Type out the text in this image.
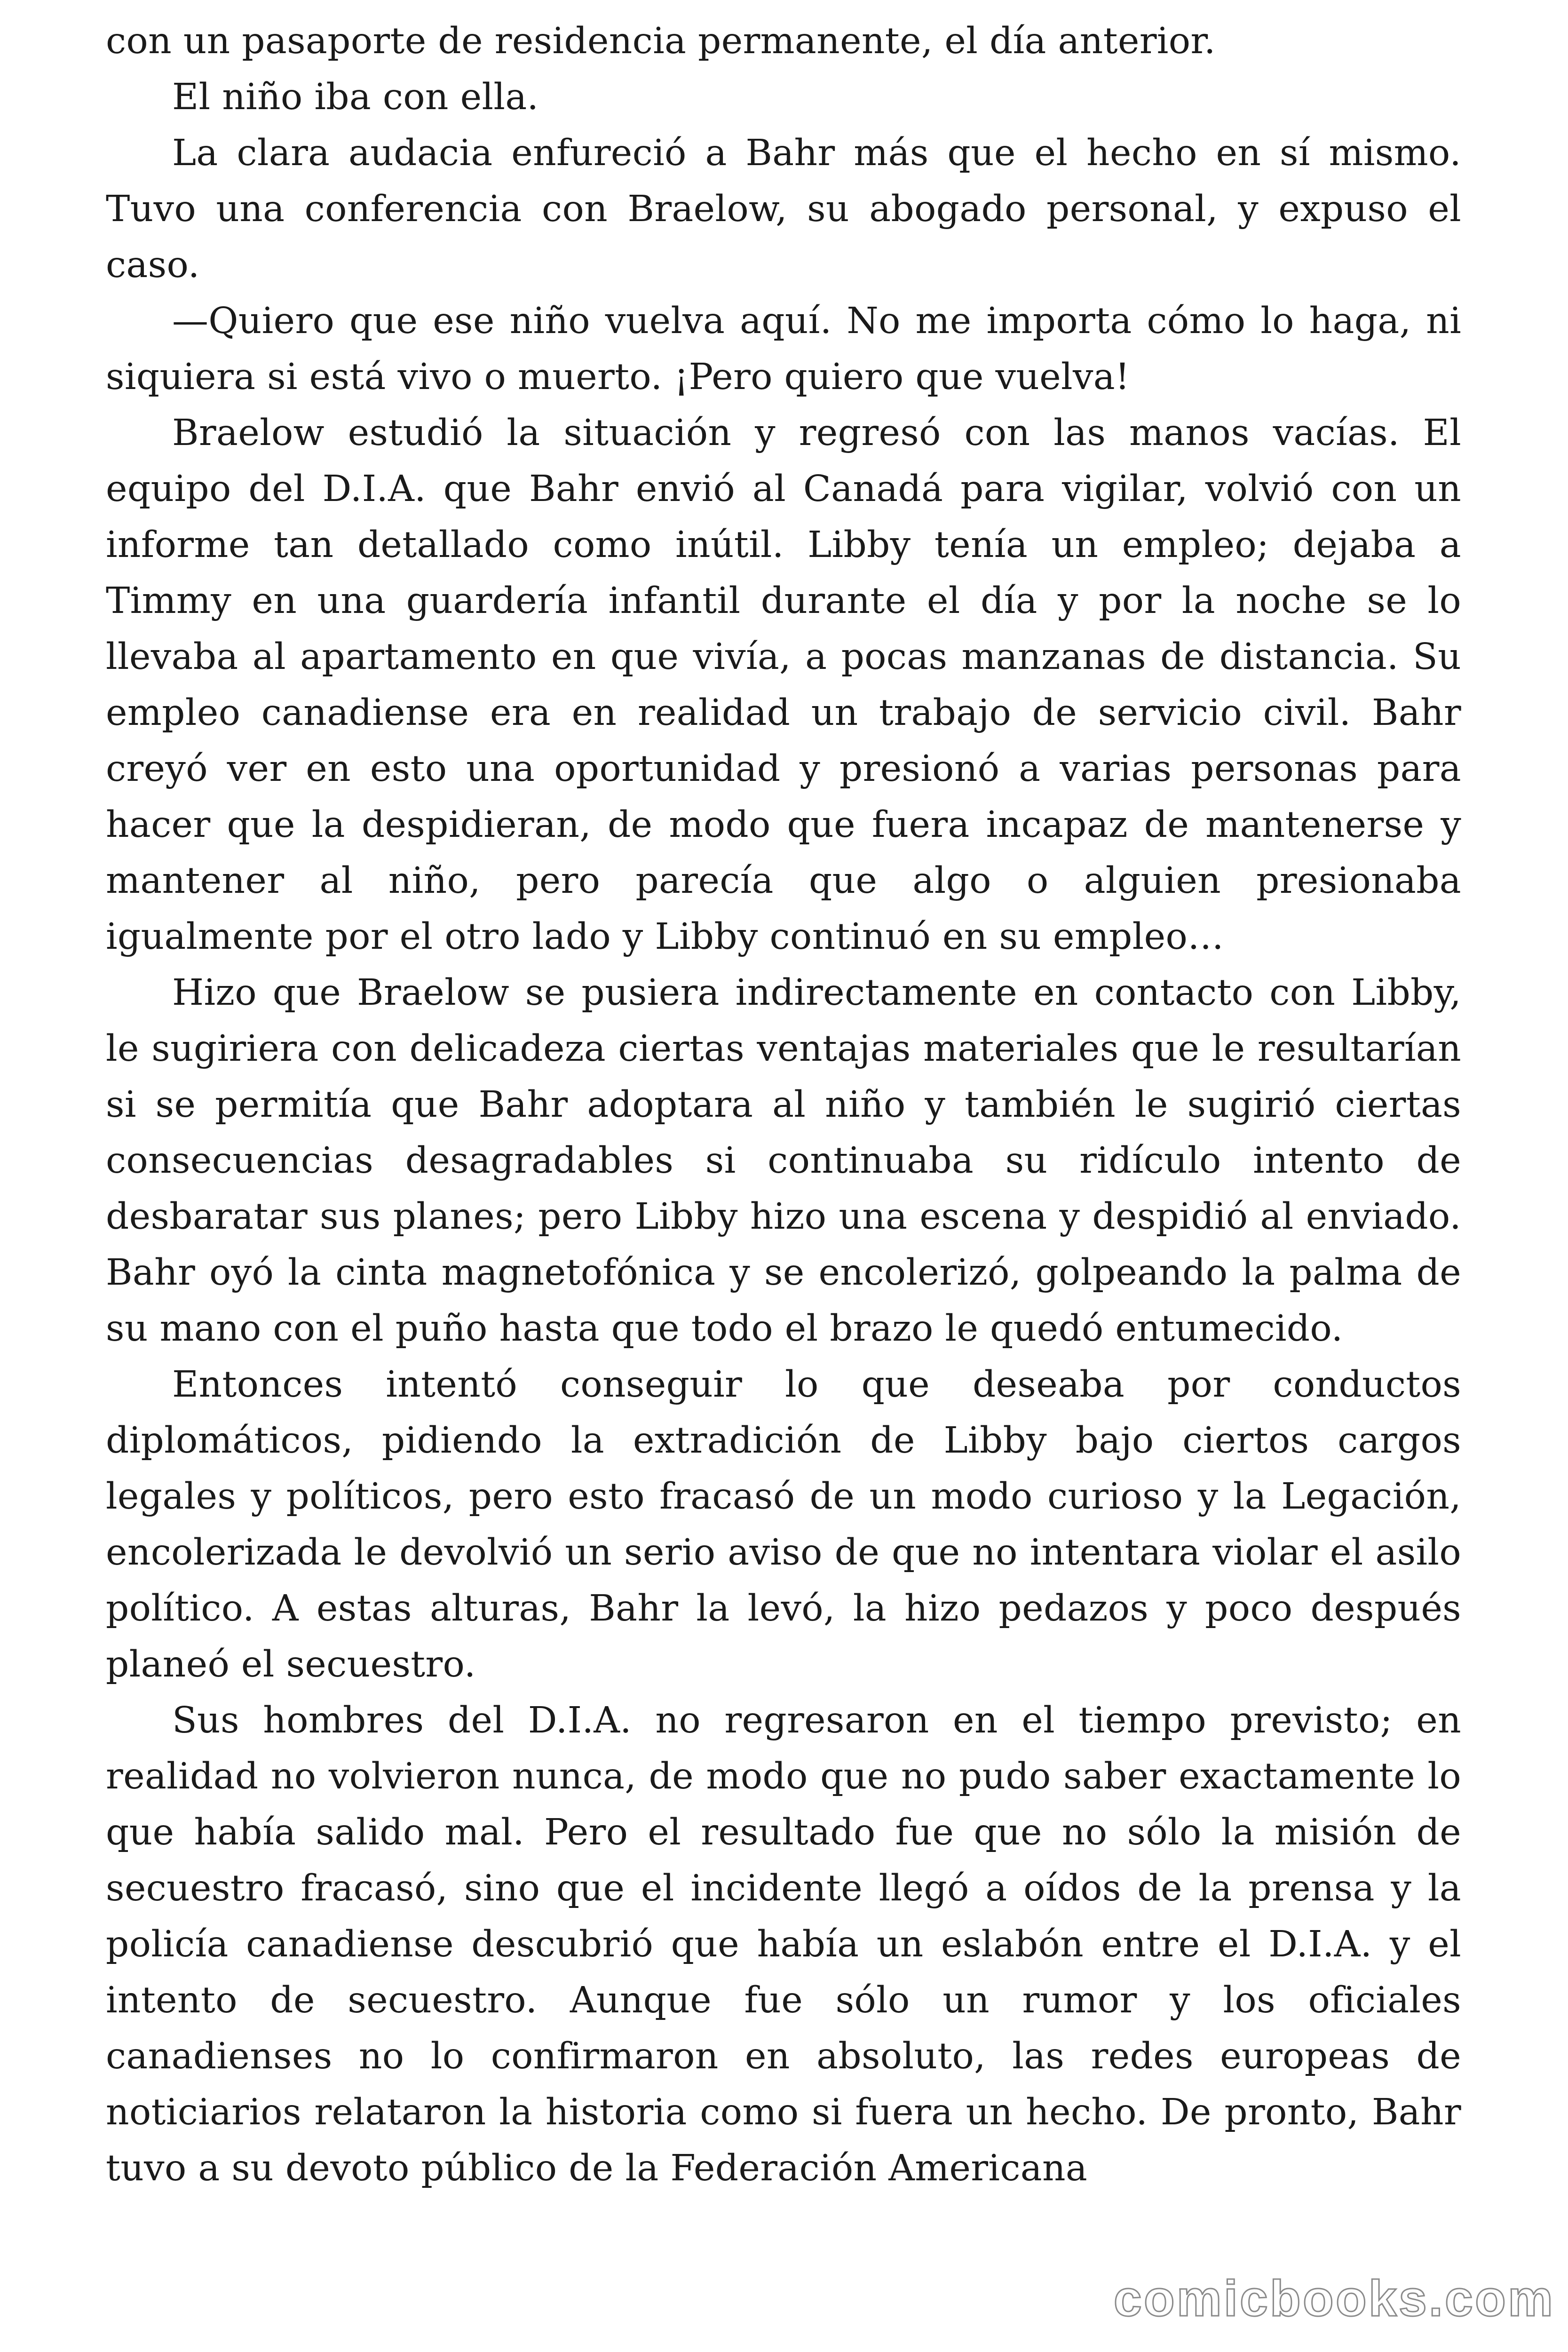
con un pasaporte de residencia permanente, el día anterior.

El niño iba con ella.

La clara audacia enfureció a Bahr más que el hecho en sí mismo. Tuvo una conferencia con Braelow, su abogado personal, y expuso el caso.

—Quiero que ese niño vuelva aquí. No me importa cómo lo haga, ni siquiera si está vivo o muerto. ¡Pero quiero que vuelva!

Braelow estudió la situación y regresó con las manos vacías. El equipo del D.I.A. que Bahr envió al Canadá para vigilar, volvió con un informe tan detallado como inútil. Libby tenía un empleo; dejaba a Timmy en una guardería infantil durante el día y por la noche se lo llevaba al apartamento en que vivía, a pocas manzanas de distancia. Su empleo canadiense era en realidad un trabajo de servicio civil. Bahr creyó ver en esto una oportunidad y presionó a varias personas para hacer que la despidieran, de modo que fuera incapaz de mantenerse y mantener al niño, pero parecía que algo o alguien presionaba igualmente por el otro lado y Libby continuó en su empleo…

Hizo que Braelow se pusiera indirectamente en contacto con Libby, le sugiriera con delicadeza ciertas ventajas materiales que le resultarían si se permitía que Bahr adoptara al niño y también le sugirió ciertas consecuencias desagradables si continuaba su ridículo intento de desbaratar sus planes; pero Libby hizo una escena y despidió al enviado. Bahr oyó la cinta magnetofónica y se encolerizó, golpeando la palma de su mano con el puño hasta que todo el brazo le quedó entumecido.

Entonces intentó conseguir lo que deseaba por conductos diplomáticos, pidiendo la extradición de Libby bajo ciertos cargos legales y políticos, pero esto fracasó de un modo curioso y la Legación, encolerizada le devolvió un serio aviso de que no intentara violar el asilo político. A estas alturas, Bahr la levó, la hizo pedazos y poco después planeó el secuestro.

Sus hombres del D.I.A. no regresaron en el tiempo previsto; en realidad no volvieron nunca, de modo que no pudo saber exactamente lo que había salido mal. Pero el resultado fue que no sólo la misión de secuestro fracasó, sino que el incidente llegó a oídos de la prensa y la policía canadiense descubrió que había un eslabón entre el D.I.A. y el intento de secuestro. Aunque fue sólo un rumor y los oficiales canadienses no lo confirmaron en absoluto, las redes europeas de noticiarios relataron la historia como si fuera un hecho. De pronto, Bahr tuvo a su devoto público de la Federación Americana

comicbooks.com
